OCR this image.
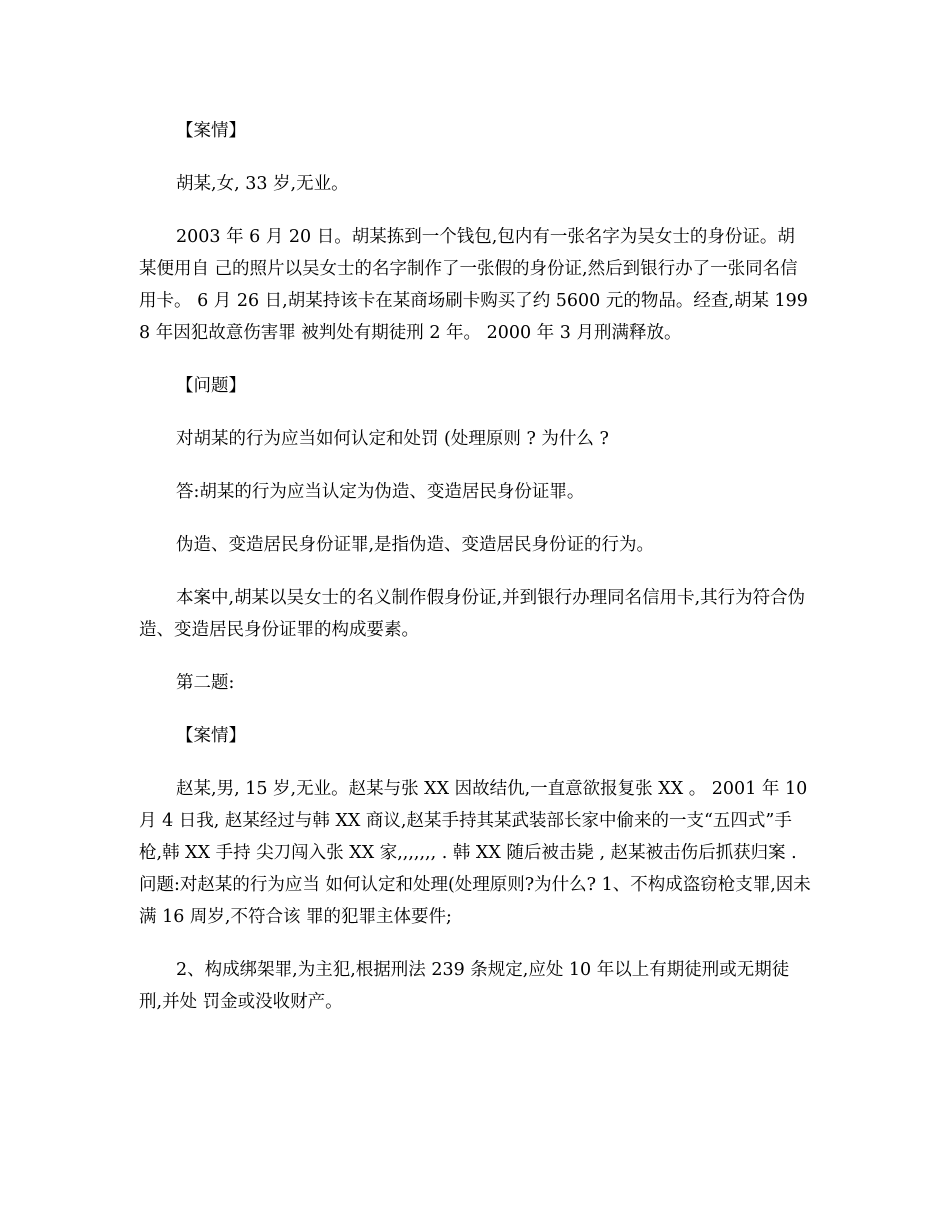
【案情】

胡某,女, 33 岁,无业。

2003 年 6 月 20 日。胡某拣到一个钱包,包内有一张名字为吴女士的身份证。胡某便用自 己的照片以吴女士的名字制作了一张假的身份证,然后到银行办了一张同名信用卡。 6 月 26 日,胡某持该卡在某商场刷卡购买了约 5600 元的物品。经查,胡某 1998 年因犯故意伤害罪 被判处有期徒刑 2 年。 2000 年 3 月刑满释放。

【问题】

对胡某的行为应当如何认定和处罚 (处理原则 ? 为什么 ?

答:胡某的行为应当认定为伪造、变造居民身份证罪。

伪造、变造居民身份证罪,是指伪造、变造居民身份证的行为。

本案中,胡某以吴女士的名义制作假身份证,并到银行办理同名信用卡,其行为符合伪 造、变造居民身份证罪的构成要素。

第二题:

【案情】

赵某,男, 15 岁,无业。赵某与张 XX 因故结仇,一直意欲报复张 XX 。 2001 年 10 月 4 日我, 赵某经过与韩 XX 商议,赵某手持其某武装部长家中偷来的一支“五四式”手枪,韩 XX 手持 尖刀闯入张 XX 家,,,,,,, . 韩 XX 随后被击毙 , 赵某被击伤后抓获归案 . 问题:对赵某的行为应当 如何认定和处理(处理原则?为什么? 1、不构成盗窃枪支罪,因未满 16 周岁,不符合该 罪的犯罪主体要件;

2、构成绑架罪,为主犯,根据刑法 239 条规定,应处 10 年以上有期徒刑或无期徒刑,并处 罚金或没收财产。
